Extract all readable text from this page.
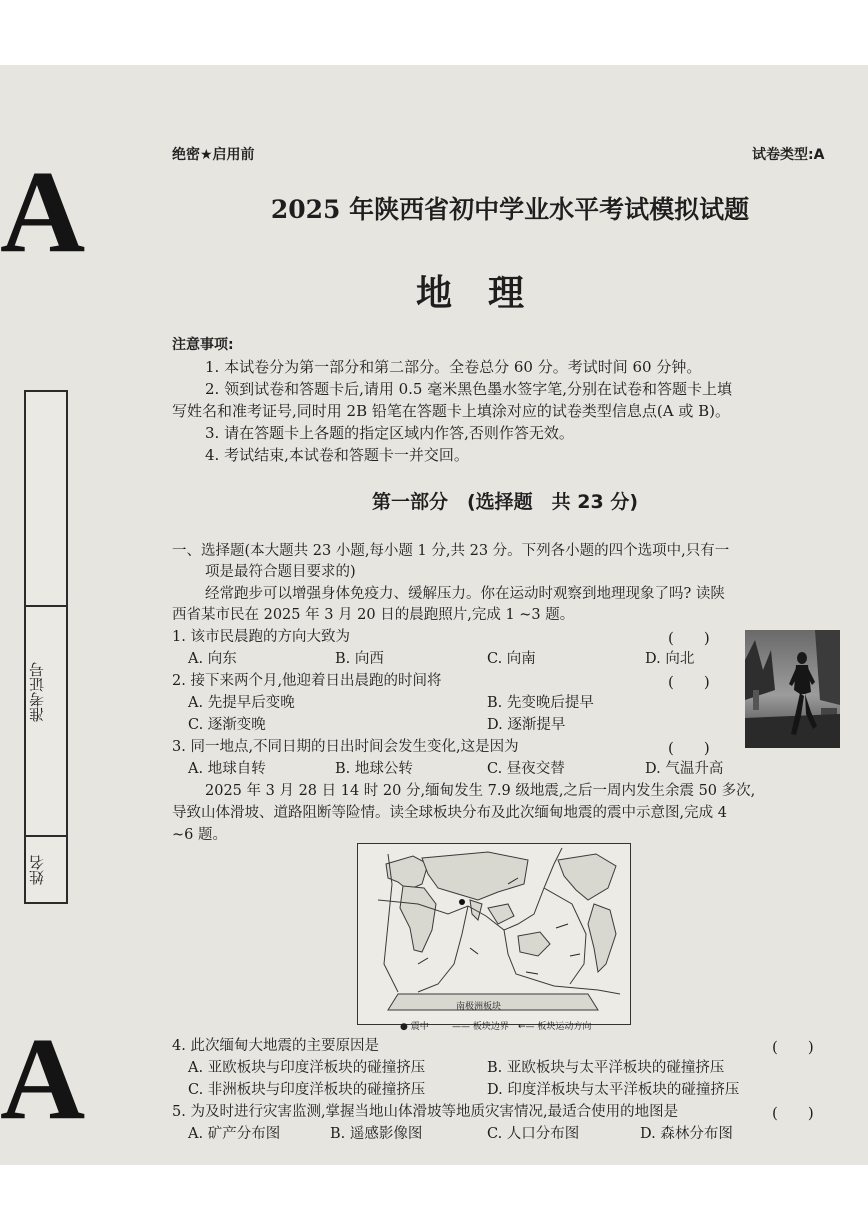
A
A
准考证号
姓名
绝密★启用前	试卷类型:A
2025 年陕西省初中学业水平考试模拟试题
地　理
注意事项:
1. 本试卷分为第一部分和第二部分。全卷总分 60 分。考试时间 60 分钟。
2. 领到试卷和答题卡后,请用 0.5 毫米黑色墨水签字笔,分别在试卷和答题卡上填
写姓名和准考证号,同时用 2B 铅笔在答题卡上填涂对应的试卷类型信息点(A 或 B)。
3. 请在答题卡上各题的指定区域内作答,否则作答无效。
4. 考试结束,本试卷和答题卡一并交回。
第一部分　(选择题　共 23 分)
一、选择题(本大题共 23 小题,每小题 1 分,共 23 分。下列各小题的四个选项中,只有一
项是最符合题目要求的)
经常跑步可以增强身体免疫力、缓解压力。你在运动时观察到地理现象了吗? 读陕
西省某市民在 2025 年 3 月 20 日的晨跑照片,完成 1 ~3 题。
1. 该市民晨跑的方向大致为	(　　)
A. 向东	B. 向西	C. 向南	D. 向北
2. 接下来两个月,他迎着日出晨跑的时间将	(　　)
A. 先提早后变晚	B. 先变晚后提早
C. 逐渐变晚	D. 逐渐提早
3. 同一地点,不同日期的日出时间会发生变化,这是因为	(　　)
A. 地球自转	B. 地球公转	C. 昼夜交替	D. 气温升高
2025 年 3 月 28 日 14 时 20 分,缅甸发生 7.9 级地震,之后一周内发生余震 50 多次,
导致山体滑坡、道路阻断等险情。读全球板块分布及此次缅甸地震的震中示意图,完成 4
~6 题。
南极洲板块
● 震中	—— 板块边界 ←— 板块运动方向
4. 此次缅甸大地震的主要原因是	(　　)
A. 亚欧板块与印度洋板块的碰撞挤压	B. 亚欧板块与太平洋板块的碰撞挤压
C. 非洲板块与印度洋板块的碰撞挤压	D. 印度洋板块与太平洋板块的碰撞挤压
5. 为及时进行灾害监测,掌握当地山体滑坡等地质灾害情况,最适合使用的地图是	(　　)
A. 矿产分布图	B. 遥感影像图	C. 人口分布图	D. 森林分布图
